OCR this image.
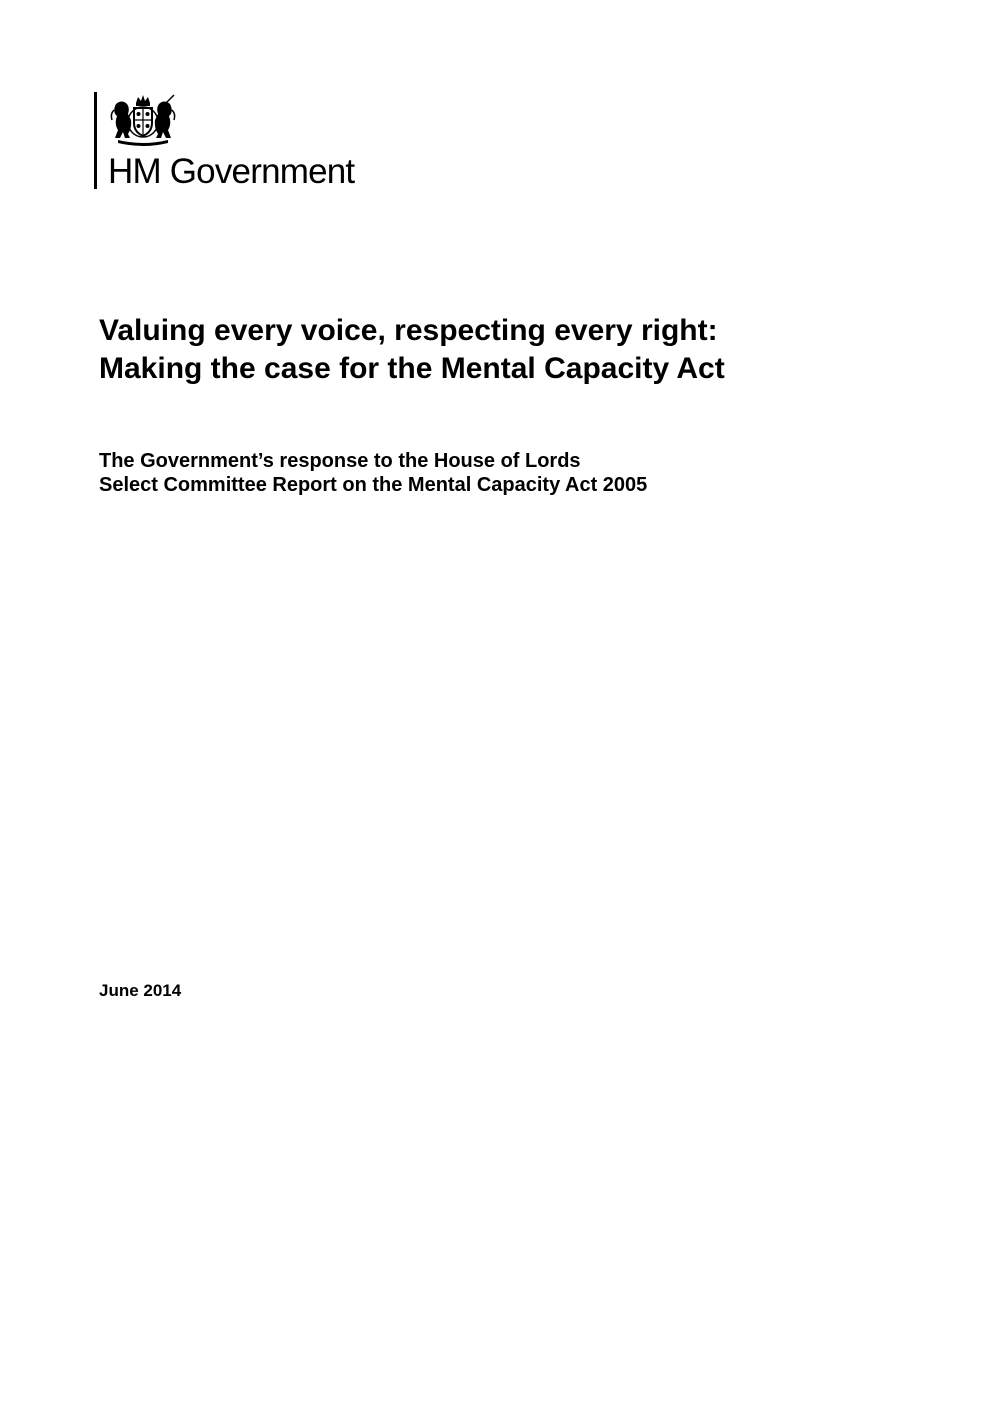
HM Government
Valuing every voice, respecting every right:
Making the case for the Mental Capacity Act
The Government’s response to the House of Lords
Select Committee Report on the Mental Capacity Act 2005

June 2014
